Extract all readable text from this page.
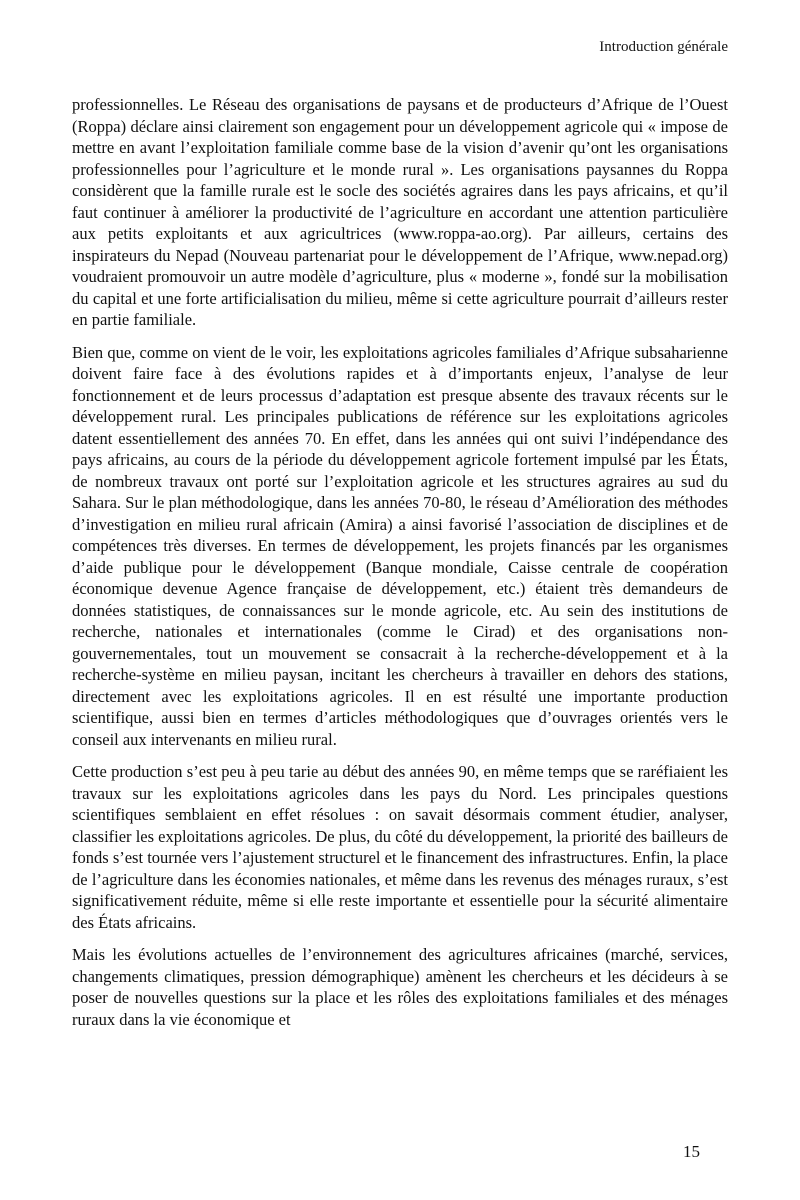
Introduction générale

professionnelles. Le Réseau des organisations de paysans et de producteurs d’Afrique de l’Ouest (Roppa) déclare ainsi clairement son engagement pour un développement agricole qui « impose de mettre en avant l’exploitation familiale comme base de la vision d’avenir qu’ont les organisations professionnelles pour l’agriculture et le monde rural ». Les organisations paysannes du Roppa considèrent que la famille rurale est le socle des sociétés agraires dans les pays africains, et qu’il faut continuer à améliorer la productivité de l’agriculture en accordant une attention particulière aux petits exploitants et aux agricultrices (www.roppa-ao.org). Par ailleurs, certains des inspirateurs du Nepad (Nouveau partenariat pour le développement de l’Afrique, www.nepad.org) voudraient promouvoir un autre modèle d’agriculture, plus « moderne », fondé sur la mobilisation du capital et une forte artificialisation du milieu, même si cette agriculture pourrait d’ailleurs rester en partie familiale.

Bien que, comme on vient de le voir, les exploitations agricoles familiales d’Afrique subsaharienne doivent faire face à des évolutions rapides et à d’importants enjeux, l’analyse de leur fonctionnement et de leurs processus d’adaptation est presque absente des travaux récents sur le développement rural. Les principales publications de référence sur les exploitations agricoles datent essentiellement des années 70. En effet, dans les années qui ont suivi l’indépendance des pays africains, au cours de la période du développement agricole fortement impulsé par les États, de nombreux travaux ont porté sur l’exploitation agricole et les structures agraires au sud du Sahara. Sur le plan méthodologique, dans les années 70-80, le réseau d’Amélioration des méthodes d’investigation en milieu rural africain (Amira) a ainsi favorisé l’association de disciplines et de compétences très diverses. En termes de développement, les projets financés par les organismes d’aide publique pour le développement (Banque mondiale, Caisse centrale de coopération économique devenue Agence française de développement, etc.) étaient très demandeurs de données statistiques, de connaissances sur le monde agricole, etc. Au sein des institutions de recherche, nationales et internationales (comme le Cirad) et des organisations non-gouvernementales, tout un mouvement se consacrait à la recherche-développement et à la recherche-système en milieu paysan, incitant les chercheurs à travailler en dehors des stations, directement avec les exploitations agricoles. Il en est résulté une importante production scientifique, aussi bien en termes d’articles méthodologiques que d’ouvrages orientés vers le conseil aux intervenants en milieu rural.

Cette production s’est peu à peu tarie au début des années 90, en même temps que se raréfiaient les travaux sur les exploitations agricoles dans les pays du Nord. Les principales questions scientifiques semblaient en effet résolues : on savait désormais comment étudier, analyser, classifier les exploitations agricoles. De plus, du côté du développement, la priorité des bailleurs de fonds s’est tournée vers l’ajustement structurel et le financement des infrastructures. Enfin, la place de l’agriculture dans les économies nationales, et même dans les revenus des ménages ruraux, s’est significativement réduite, même si elle reste importante et essentielle pour la sécurité alimentaire des États africains.

Mais les évolutions actuelles de l’environnement des agricultures africaines (marché, services, changements climatiques, pression démographique) amènent les chercheurs et les décideurs à se poser de nouvelles questions sur la place et les rôles des exploitations familiales et des ménages ruraux dans la vie économique et

15
